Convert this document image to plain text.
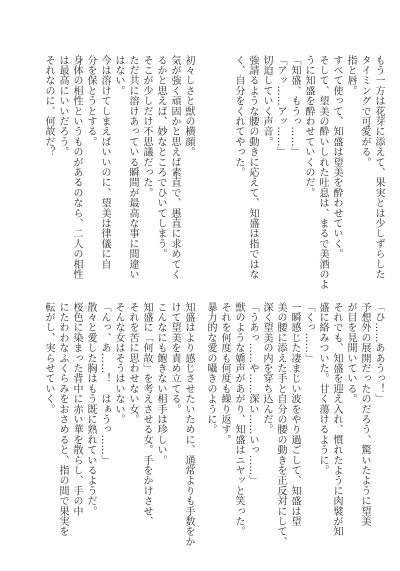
もう一方は花芽に添えて、果実とは少しずらした

タイミングで可愛がる。

指と唇。

すべて使って、知盛は望美を酔わせていく。

そして、望美の酔いしれた吐息は、まるで美酒のよ

うに知盛を酔わせていくのだ。

「知盛、もうっ……」

「アッ……アッ……」

切迫していく声音。

強請るような腰の動きに応えて、知盛は指ではな

く、自分をくれてやった。

「ひ……ああうっ！」

予想外の展開だったのだろう、驚いたように望美

が目を見開いている。

それでも、知盛を迎え入れ、慣れたように肉襞が知

盛に絡みついた。甘く蕩けるように。

「くっ……」

一瞬感じた凄まじい波をやり過ごして、知盛は望

美の腰に添えた手と自分の腰の動きを正反対にして、

深く望美の内を穿ち込んだ。

「うあっ……や……深い……いっ……」

獣のような嬌声があがり、知盛はニヤッと笑った。

それを何度も何度も繰り返す。

暴力的な愛の囁きのように。

初々しさと獣の横顔。

気が強く頑固かと思えば素直で、愚直に求めてく

るかと思えば、妙なところでひいてしまう。

そこが少しだけ不思議だった。

ただ共に溶けあっている瞬間が最高な事に間違い

はない。

今は溶けてしまえばいいのに、望美は律儀に自

分を保とうとする。

身体の相性というものがあるのなら、二人の相性

は最高にいいだろう。

それなのに、何故だ？

知盛はより感じさせたいために、通常よりも手数をか

けて望美を責め立てる。

こんなにも飽きない相手は珍しい。

知盛に「何故」を考えさせる女。手をかけさせ、

それを苦に思わせない女。

そんな女はそうはいない。

「んっ、あ……！　はぁうっ……」

散々と愛した胸はもう既に熟れているようだ。

桜色に染まった背中に赤い華を散らし、手の中

にたわわなふくらみをおさめると、指の間で果実を

転がし、実らせていく。
